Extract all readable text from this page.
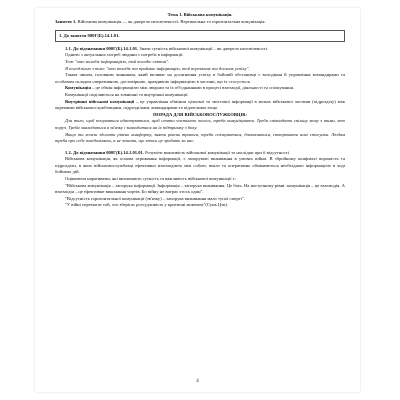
Тема 1. Військова комунікація.

Заняття 1. Військова комунікація — як джерело неосвіченості. Вертикальна та горизонтальна комунікація.

1. До заняття 000Г(Б).14.1.01.

1.1. До відзначання 000Г(Б).14.1.01. Знати сутність військової комунікації – як джерело неосвіченості.

Однією з актуальних потреб людини є потреба в інформації.

Тож "хто володіє інформацією, той володіє світом".

Я погоджено з тим: "хто володіє та приймає інформацію, той перемагає та досягає успіху".

Таким чином, головним чинником, який впливає на досягнення успіху в бойовій обстановці є володіння й управління командирами та особовим складом оперативною, достовірною, правдивою інформацією в частині, що їх стосується.

Комунікація – це обмін інформацією між людьми та їх об'єднаннями в процесі взаємодії, діяльності та спілкування.

Комунікації поділяються на зовнішні та внутрішні комунікації.

Внутрішні військові комунікації – це управління обміном цільової та змістової інформації в межах військової частини (підрозділу) між окремими військовослужбовцями, підрозділами, командирами та підлеглими тощо.

ПОРАДА ДЛЯ ВІЙСЬКОВОСЛУЖБОВЦІВ:

Для того, щоб почуватися адаптуватися, щоб стати частиною чогось, треба комунікувати. Треба співпадати спільну мову з тими, хто поруч. Треба знаходитися в зв'язку і знаходитися на їх підтримку з боку.

Якщо ти хочеш здолати рівень комфорту, зняти рівень тривоги, треба спілкуватися, домовлятися, створювати нові стосунки. Людям треба про себе повідомляти, а не чекати, що хтось це зробить за нас.

1.2. До відзначання 000Г(Б).14.1.01.01. Розуміти важливість військової комунікації та наслідки при її відсутності.

Військова комунікація, як основа отримання інформації, є запорукою виживання в умовах війни. В збройному конфлікті ворожість та підрозділи, в яких військовослужбовці ефективно взаємодіють між собою, вміло та оперативно обмінюються необхідною інформацією в ході бойових дій.

Оцінюючи наративами, які визначають сутність та важливість військової комунікації є:

"Військова комунікація – запорука інформації. Інформація – запорука виживання. Це бать. На наступному рівні: комунікація – це взаємодія. А взаємодія – це ефективне виконання чортів. Бо війну не виграє хтось один".

"Відсутність горизонтальної комунікації (зв'язку) – запорука виживання мало тупої смерті".

"У війні перемагає той, хто зберігає розсудливість у критичні моменти"(Сунь Цзи).

4
